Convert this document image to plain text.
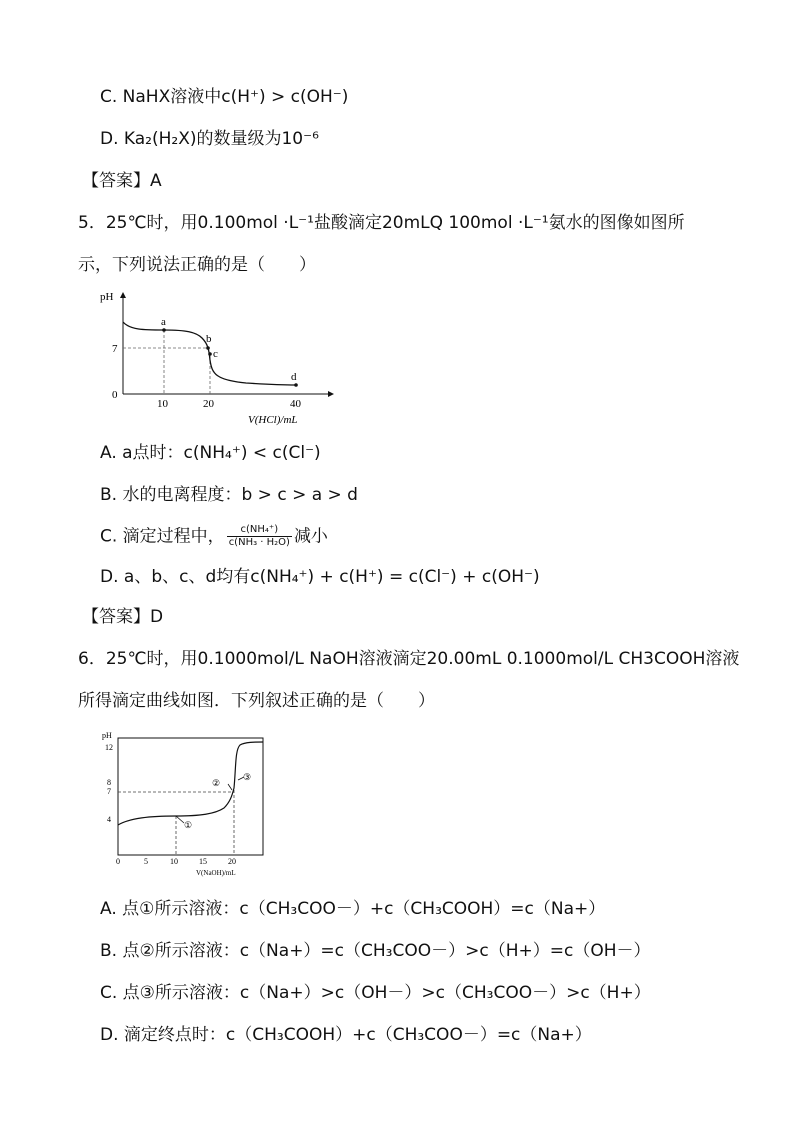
C. NaHX溶液中c(H⁺) > c(OH⁻)
D. Ka₂(H₂X)的数量级为10⁻⁶
【答案】A
5．25℃时，用0.100mol ·L⁻¹盐酸滴定20mLQ 100mol ·L⁻¹氨水的图像如图所
示，下列说法正确的是（　　）
pH
0
10	20	40
7
V(HCl)/mL
a
b
c
d
A. a点时：c(NH₄⁺) < c(Cl⁻)
B. 水的电离程度：b > c > a > d
C. 滴定过程中， $\frac{\text{c(NH₄⁺)}}{\text{c(NH₃ · H₂O)}}$ 减小
D. a、b、c、d均有c(NH₄⁺) + c(H⁺) = c(Cl⁻) + c(OH⁻)
【答案】D
6．25℃时，用0.1000mol/L NaOH溶液滴定20.00mL 0.1000mol/L CH3COOH溶液
所得滴定曲线如图．下列叙述正确的是（　　）
pH
12
8
7
4
0	5	10	15	20
V(NaOH)/mL
①
②
③
A. 点①所示溶液：c（CH₃COO－）+c（CH₃COOH）=c（Na+）
B. 点②所示溶液：c（Na+）=c（CH₃COO－）>c（H+）=c（OH－）
C. 点③所示溶液：c（Na+）>c（OH－）>c（CH₃COO－）>c（H+）
D. 滴定终点时：c（CH₃COOH）+c（CH₃COO－）=c（Na+）
